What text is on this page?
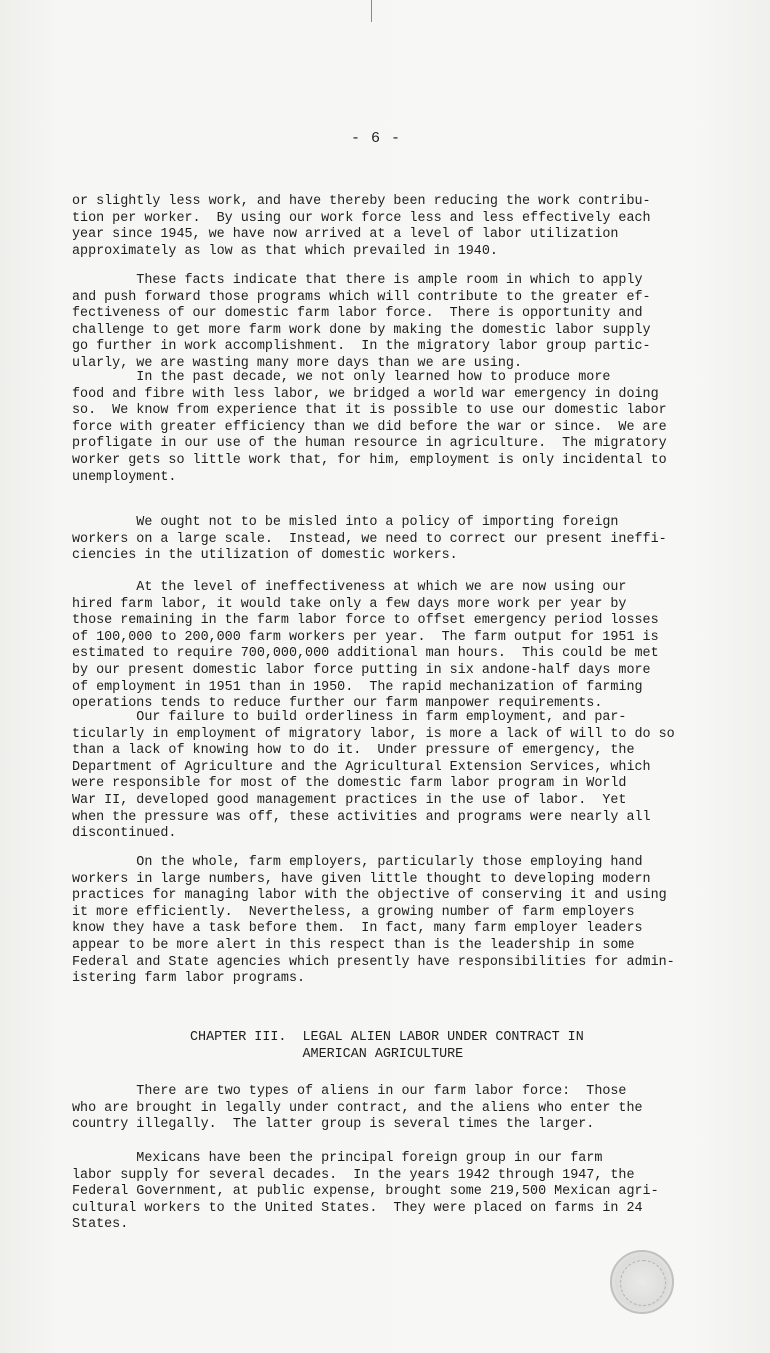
- 6 -

or slightly less work, and have thereby been reducing the work contribu-
tion per worker.  By using our work force less and less effectively each
year since 1945, we have now arrived at a level of labor utilization
approximately as low as that which prevailed in 1940.

These facts indicate that there is ample room in which to apply
and push forward those programs which will contribute to the greater ef-
fectiveness of our domestic farm labor force.  There is opportunity and
challenge to get more farm work done by making the domestic labor supply
go further in work accomplishment.  In the migratory labor group partic-
ularly, we are wasting many more days than we are using.

In the past decade, we not only learned how to produce more
food and fibre with less labor, we bridged a world war emergency in doing
so.  We know from experience that it is possible to use our domestic labor
force with greater efficiency than we did before the war or since.  We are
profligate in our use of the human resource in agriculture.  The migratory
worker gets so little work that, for him, employment is only incidental to
unemployment.

We ought not to be misled into a policy of importing foreign
workers on a large scale.  Instead, we need to correct our present ineffi-
ciencies in the utilization of domestic workers.

At the level of ineffectiveness at which we are now using our
hired farm labor, it would take only a few days more work per year by
those remaining in the farm labor force to offset emergency period losses
of 100,000 to 200,000 farm workers per year.  The farm output for 1951 is
estimated to require 700,000,000 additional man hours.  This could be met
by our present domestic labor force putting in six andone-half days more
of employment in 1951 than in 1950.  The rapid mechanization of farming
operations tends to reduce further our farm manpower requirements.

Our failure to build orderliness in farm employment, and par-
ticularly in employment of migratory labor, is more a lack of will to do so
than a lack of knowing how to do it.  Under pressure of emergency, the
Department of Agriculture and the Agricultural Extension Services, which
were responsible for most of the domestic farm labor program in World
War II, developed good management practices in the use of labor.  Yet
when the pressure was off, these activities and programs were nearly all
discontinued.

On the whole, farm employers, particularly those employing hand
workers in large numbers, have given little thought to developing modern
practices for managing labor with the objective of conserving it and using
it more efficiently.  Nevertheless, a growing number of farm employers
know they have a task before them.  In fact, many farm employer leaders
appear to be more alert in this respect than is the leadership in some
Federal and State agencies which presently have responsibilities for admin-
istering farm labor programs.

CHAPTER III.  LEGAL ALIEN LABOR UNDER CONTRACT IN
AMERICAN AGRICULTURE

There are two types of aliens in our farm labor force:  Those
who are brought in legally under contract, and the aliens who enter the
country illegally.  The latter group is several times the larger.

Mexicans have been the principal foreign group in our farm
labor supply for several decades.  In the years 1942 through 1947, the
Federal Government, at public expense, brought some 219,500 Mexican agri-
cultural workers to the United States.  They were placed on farms in 24
States.
